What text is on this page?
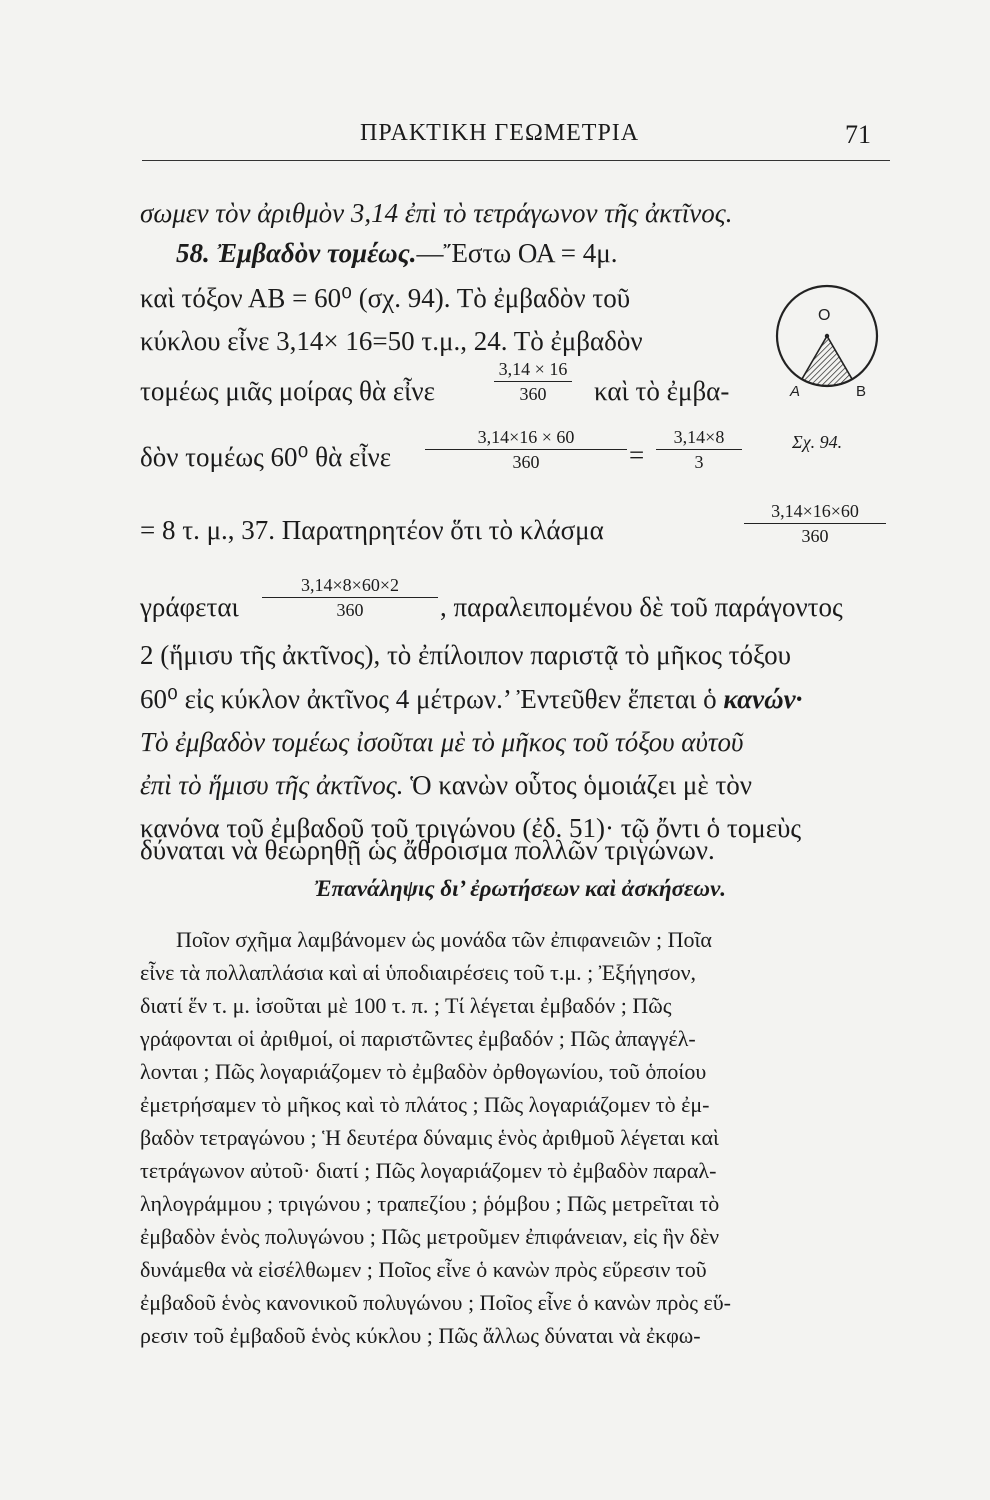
ΠΡΑΚΤΙΚΗ ΓΕΩΜΕΤΡΙΑ	71
σωμεν τὸν ἀριθμὸν 3,14 ἐπὶ τὸ τετράγωνον τῆς ἀκτῖνος.
58. Ἐμβαδὸν τομέως.—Ἔστω ΟΑ = 4μ.
καὶ τόξον ΑΒ = 60⁰ (σχ. 94). Τὸ ἐμβαδὸν τοῦ
κύκλου εἶνε 3,14× 16=50 τ.μ., 24. Τὸ ἐμβαδὸν
τομέως μιᾶς μοίρας θὰ εἶνε
3,14 × 16
360	καὶ τὸ ἐμβα-
δὸν τομέως 60⁰ θὰ εἶνε
3,14×16 × 60
360	=
3,14×8
3
= 8 τ. μ., 37. Παρατηρητέον ὅτι τὸ κλάσμα
3,14×16×60
360
γράφεται
3,14×8×60×2
360	, παραλειπομένου δὲ τοῦ παράγοντος
2 (ἥμισυ τῆς ἀκτῖνος), τὸ ἐπίλοιπον παριστᾷ τὸ μῆκος τόξου
60⁰ εἰς κύκλον ἀκτῖνος 4 μέτρων.’ Ἐντεῦθεν ἕπεται ὁ κανών·
Τὸ ἐμβαδὸν τομέως ἰσοῦται μὲ τὸ μῆκος τοῦ τόξου αὐτοῦ
ἐπὶ τὸ ἥμισυ τῆς ἀκτῖνος. Ὁ κανὼν οὗτος ὁμοιάζει μὲ τὸν
κανόνα τοῦ ἐμβαδοῦ τοῦ τριγώνου (ἐδ. 51)· τῷ ὄντι ὁ τομεὺς
δύναται νὰ θεωρηθῇ ὡς ἄθροισμα πολλῶν τριγώνων.
Ο
Α	Β
Σχ. 94.
Ἐπανάληψις δι’ ἐρωτήσεων καὶ ἀσκήσεων.
Ποῖον σχῆμα λαμβάνομεν ὡς μονάδα τῶν ἐπιφανειῶν ; Ποῖα
εἶνε τὰ πολλαπλάσια καὶ αἱ ὑποδιαιρέσεις τοῦ τ.μ. ; Ἐξήγησον,
διατί ἕν τ. μ. ἰσοῦται μὲ 100 τ. π. ; Τί λέγεται ἐμβαδόν ; Πῶς
γράφονται οἱ ἀριθμοί, οἱ παριστῶντες ἐμβαδόν ; Πῶς ἀπαγγέλ-
λονται ; Πῶς λογαριάζομεν τὸ ἐμβαδὸν ὀρθογωνίου, τοῦ ὁποίου
ἐμετρήσαμεν τὸ μῆκος καὶ τὸ πλάτος ; Πῶς λογαριάζομεν τὸ ἐμ-
βαδὸν τετραγώνου ; Ἡ δευτέρα δύναμις ἑνὸς ἀριθμοῦ λέγεται καὶ
τετράγωνον αὐτοῦ· διατί ; Πῶς λογαριάζομεν τὸ ἐμβαδὸν παραλ-
ληλογράμμου ; τριγώνου ; τραπεζίου ; ῥόμβου ; Πῶς μετρεῖται τὸ
ἐμβαδὸν ἑνὸς πολυγώνου ; Πῶς μετροῦμεν ἐπιφάνειαν, εἰς ἣν δὲν
δυνάμεθα νὰ εἰσέλθωμεν ; Ποῖος εἶνε ὁ κανὼν πρὸς εὕρεσιν τοῦ
ἐμβαδοῦ ἑνὸς κανονικοῦ πολυγώνου ; Ποῖος εἶνε ὁ κανὼν πρὸς εὕ-
ρεσιν τοῦ ἐμβαδοῦ ἑνὸς κύκλου ; Πῶς ἄλλως δύναται νὰ ἐκφω-
